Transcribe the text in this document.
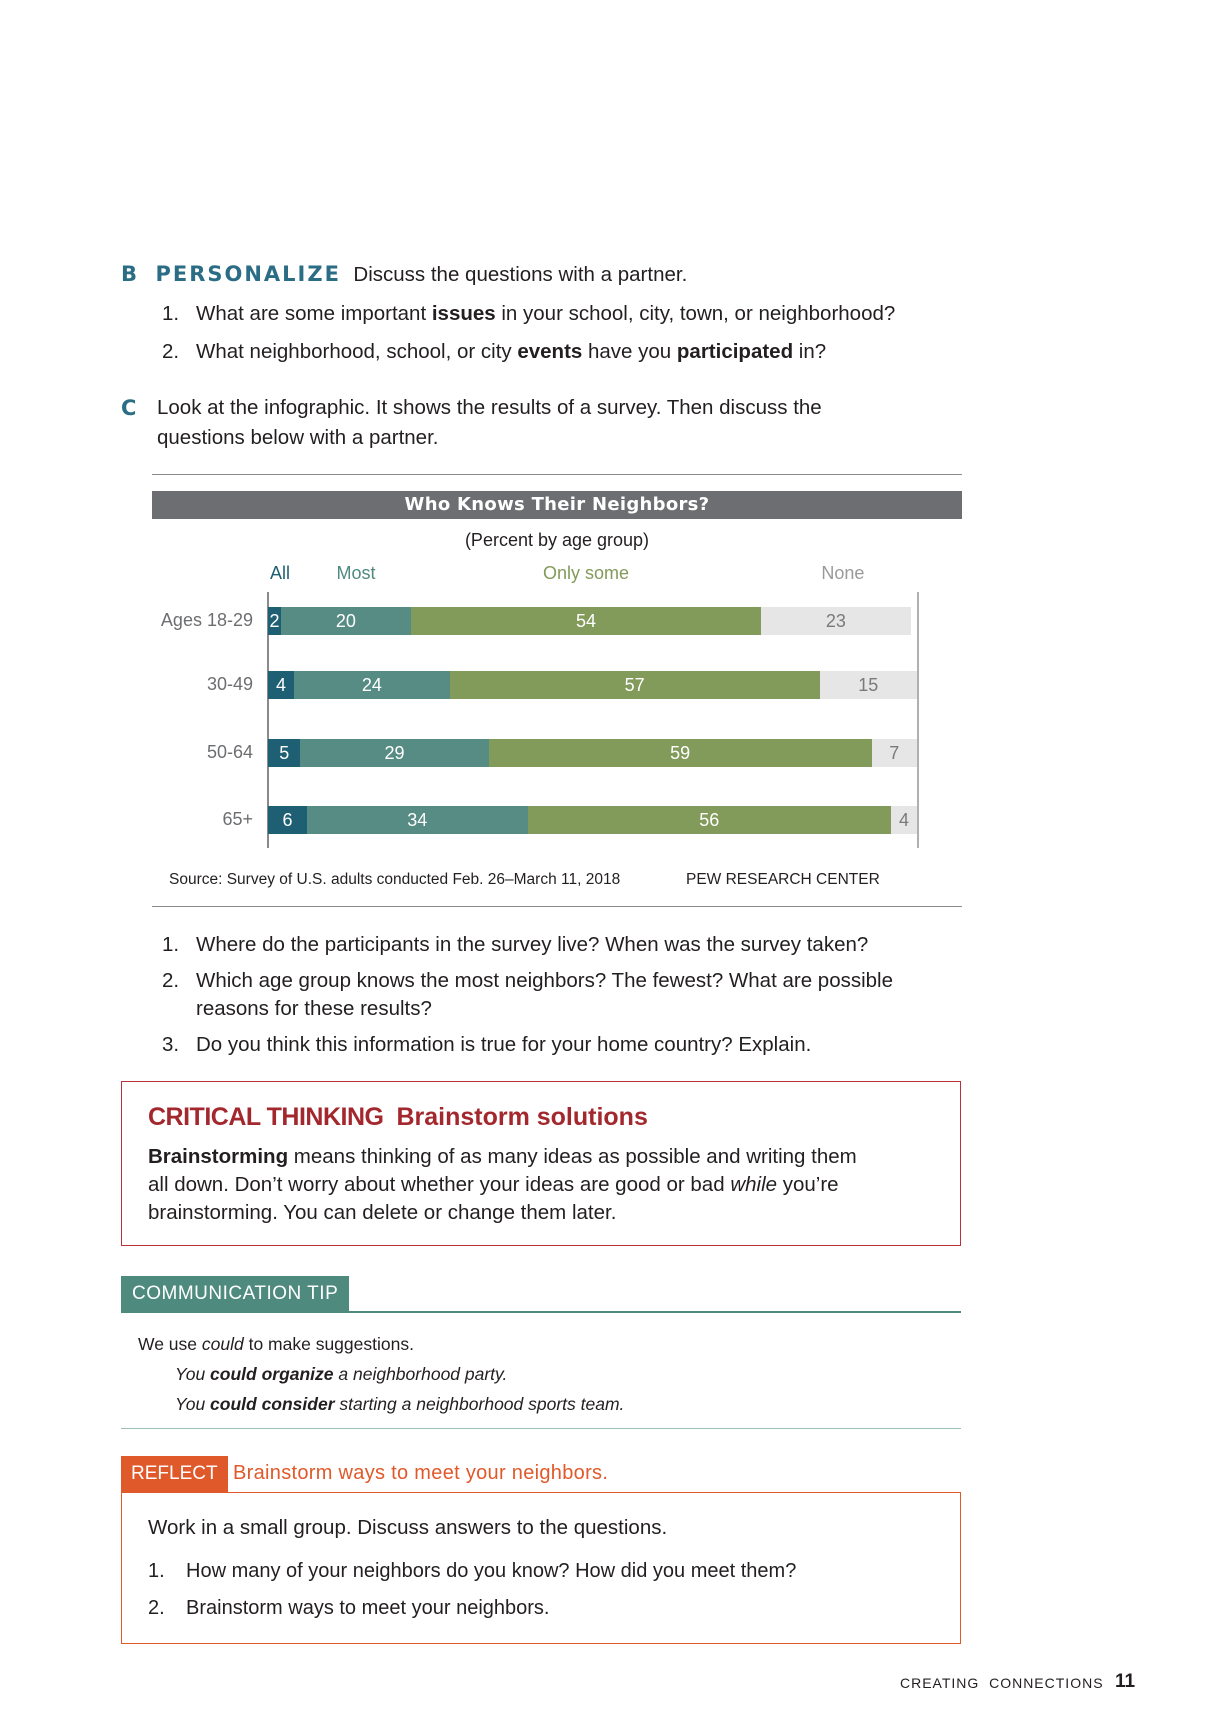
B PERSONALIZE Discuss the questions with a partner.
1. What are some important issues in your school, city, town, or neighborhood?
2. What neighborhood, school, or city events have you participated in?
C Look at the infographic. It shows the results of a survey. Then discuss the
questions below with a partner.
Who Knows Their Neighbors?
(Percent by age group)
All	Most	Only some	None
Ages 18-29 2	20	54	23
30-49	4	24	57	15
50-64	5	29	59	7
65+	6	34	56	4
Source: Survey of U.S. adults conducted Feb. 26–March 11, 2018	PEW RESEARCH CENTER
1. Where do the participants in the survey live? When was the survey taken?
2. Which age group knows the most neighbors? The fewest? What are possible
reasons for these results?
3. Do you think this information is true for your home country? Explain.
CRITICAL THINKING Brainstorm solutions
Brainstorming means thinking of as many ideas as possible and writing them
all down. Don’t worry about whether your ideas are good or bad while you’re
brainstorming. You can delete or change them later.
COMMUNICATION TIP
We use could to make suggestions.
You could organize a neighborhood party.
You could consider starting a neighborhood sports team.
REFLECT Brainstorm ways to meet your neighbors.
Work in a small group. Discuss answers to the questions.
1. How many of your neighbors do you know? How did you meet them?
2. Brainstorm ways to meet your neighbors.
CREATING  CONNECTIONS 11
